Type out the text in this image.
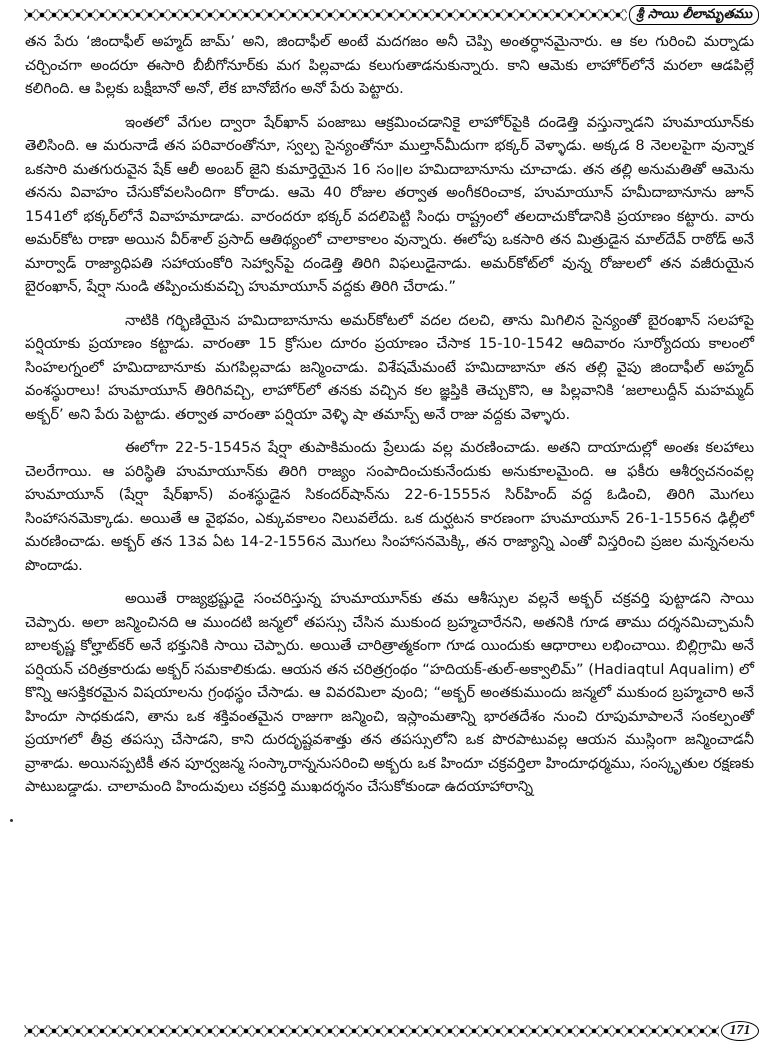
శ్రీ సాయి లీలామృతము

తన పేరు ‘జిందాఫీల్ అహ్మద్ జామ్’ అని, జిందాఫీల్ అంటే మదగజం అనీ చెప్పి అంతర్ధానమైనారు. ఆ కల గురించి మర్నాడు చర్చించగా అందరూ ఈసారి బీబీగోనూర్‌కు మగ పిల్లవాడు కలుగుతాడనుకున్నారు. కాని ఆమెకు లాహోర్‌లోనే మరలా ఆడపిల్లే కలిగింది. ఆ పిల్లకు బక్షీబానో అనో, లేక బానోబేగం అనో పేరు పెట్టారు.

ఇంతలో వేగుల ద్వారా షేర్‌ఖాన్ పంజాబు ఆక్రమించడానికై లాహోర్‌పైకి దండెత్తి వస్తున్నాడని హుమాయూన్‌కు తెలిసింది. ఆ మరునాడే తన పరివారంతోనూ, స్వల్ప సైన్యంతోనూ ముల్తాన్‌మీదుగా భక్కర్ వెళ్ళాడు. అక్కడ 8 నెలలపైగా వున్నాక ఒకసారి మతగురువైన షేక్ ఆలీ అంబర్ జైని కుమార్తెయైన 16 సం॥ల హమిదాబానూను చూచాడు. తన తల్లి అనుమతితో ఆమెను తనను వివాహం చేసుకోవలసిందిగా కోరాడు. ఆమె 40 రోజుల తర్వాత అంగీకరించాక, హుమాయూన్ హమీదాబానూను జూన్ 1541లో భక్కర్‌లోనే వివాహమాడాడు. వారందరూ భక్కర్ వదలిపెట్టి సింధు రాష్ట్రంలో తలదాచుకోడానికి ప్రయాణం కట్టారు. వారు అమర్‌కోట రాణా అయిన వీర్‌శాల్ ప్రసాద్ ఆతిథ్యంలో చాలాకాలం వున్నారు. ఈలోపు ఒకసారి తన మిత్రుడైన మాల్‌దేవ్ రాఠోడ్ అనే మార్వాడ్ రాజ్యాధిపతి సహాయంకోరి సెహ్వాన్‌పై దండెత్తి తిరిగి విఫలుడైనాడు. అమర్‌కోట్‌లో వున్న రోజులలో తన వజీరుయైన బైరంఖాన్, షేర్షా నుండి తప్పించుకువచ్చి హుమాయూన్ వద్దకు తిరిగి చేరాడు.”

నాటికి గర్భిణియైన హమిదాబానూను అమర్‌కోటలో వదల దలచి, తాను మిగిలిన సైన్యంతో బైరంఖాన్ సలహాపై పర్షియాకు ప్రయాణం కట్టాడు. వారంతా 15 క్రోసుల దూరం ప్రయాణం చేసాక 15-10-1542 ఆదివారం సూర్యోదయ కాలంలో సింహలగ్నంలో హమిదాబానూకు మగపిల్లవాడు జన్మించాడు. విశేషమేమంటే హమిదాబానూ తన తల్లి వైపు జిందాఫీల్ అహ్మద్ వంశస్థురాలు! హుమాయూన్ తిరిగివచ్చి, లాహోర్‌లో తనకు వచ్చిన కల జ్ఞప్తికి తెచ్చుకొని, ఆ పిల్లవానికి ‘జలాలుద్దీన్ మహమ్మద్ అక్బర్’ అని పేరు పెట్టాడు. తర్వాత వారంతా పర్షియా వెళ్ళి షా తమాస్ప్ అనే రాజు వద్దకు వెళ్ళారు.

ఈలోగా 22-5-1545న షేర్షా తుపాకిమందు ప్రేలుడు వల్ల మరణించాడు. అతని దాయాదుల్లో అంతః కలహాలు చెలరేగాయి. ఆ పరిస్థితి హుమాయూన్‌కు తిరిగి రాజ్యం సంపాదించుకునేందుకు అనుకూలమైంది. ఆ ఫకీరు ఆశీర్వచనంవల్ల హుమాయూన్ (షేర్షా షేర్‌ఖాన్) వంశస్థుడైన సికందర్‌షాన్‌ను 22-6-1555న సిర్‌హింద్ వద్ద ఓడించి, తిరిగి మొగలు సింహాసనమెక్కాడు. అయితే ఆ వైభవం, ఎక్కువకాలం నిలువలేదు. ఒక దుర్ఘటన కారణంగా హుమాయూన్ 26-1-1556న ఢిల్లీలో మరణించాడు. అక్బర్ తన 13వ ఏట 14-2-1556న మొగలు సింహాసనమెక్కి, తన రాజ్యాన్ని ఎంతో విస్తరించి ప్రజల మన్ననలను పొందాడు.

అయితే రాజ్యభ్రష్టుడై సంచరిస్తున్న హుమాయూన్‌కు తమ ఆశీస్సుల వల్లనే అక్బర్ చక్రవర్తి పుట్టాడని సాయి చెప్పారు. అలా జన్మించినది ఆ ముందటి జన్మలో తపస్సు చేసిన ముకుంద బ్రహ్మచారేనని, అతనికి గూడ తాము దర్శనమిచ్చామనీ బాలకృష్ణ కోల్హాట్‌కర్ అనే భక్తునికి సాయి చెప్పారు. అయితే చారిత్రాత్మకంగా గూడ యిందుకు ఆధారాలు లభించాయి. బిల్లిగ్రామి అనే పర్షియన్ చరిత్రకారుడు అక్బర్ సమకాలికుడు. ఆయన తన చరిత్రగ్రంథం “హదియక్-తుల్-అక్వాలిమ్” (Hadiaqtul Aqualim) లో కొన్ని ఆసక్తికరమైన విషయాలను గ్రంథస్థం చేసాడు. ఆ వివరమిలా వుంది; “అక్బర్ అంతకుముందు జన్మలో ముకుంద బ్రహ్మచారి అనే హిందూ సాధకుడని, తాను ఒక శక్తివంతమైన రాజుగా జన్మించి, ఇస్లాంమతాన్ని భారతదేశం నుంచి రూపుమాపాలనే సంకల్పంతో ప్రయాగలో తీవ్ర తపస్సు చేసాడని, కాని దురదృష్టవశాత్తు తన తపస్సులోని ఒక పొరపాటువల్ల ఆయన ముస్లింగా జన్మించాడనీ వ్రాశాడు. అయినప్పటికీ తన పూర్వజన్మ సంస్కారాన్ననుసరించి అక్బరు ఒక హిందూ చక్రవర్తిలా హిందూధర్మము, సంస్కృతుల రక్షణకు పాటుబడ్డాడు. చాలామంది హిందువులు చక్రవర్తి ముఖదర్శనం చేసుకోకుండా ఉదయాహారాన్ని

171
